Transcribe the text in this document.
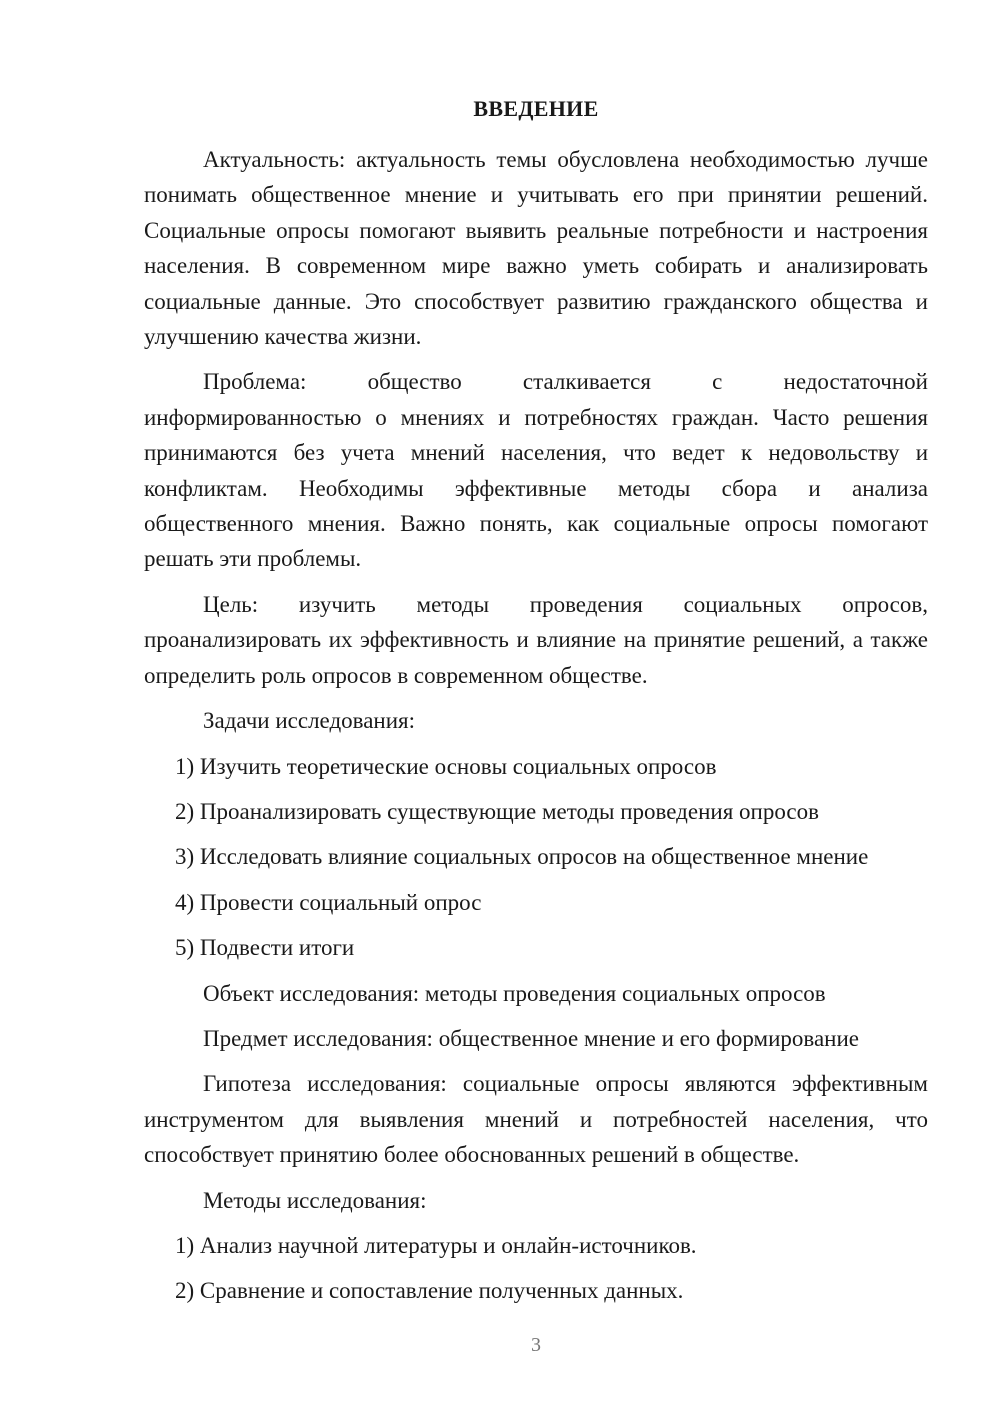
ВВЕДЕНИЕ

Актуальность: актуальность темы обусловлена необходимостью лучше понимать общественное мнение и учитывать его при принятии решений. Социальные опросы помогают выявить реальные потребности и настроения населения. В современном мире важно уметь собирать и анализировать социальные данные. Это способствует развитию гражданского общества и улучшению качества жизни.

Проблема: общество сталкивается с недостаточной информированностью о мнениях и потребностях граждан. Часто решения принимаются без учета мнений населения, что ведет к недовольству и конфликтам. Необходимы эффективные методы сбора и анализа общественного мнения. Важно понять, как социальные опросы помогают решать эти проблемы.

Цель: изучить методы проведения социальных опросов, проанализировать их эффективность и влияние на принятие решений, а также определить роль опросов в современном обществе.

Задачи исследования:

1) Изучить теоретические основы социальных опросов

2) Проанализировать существующие методы проведения опросов

3) Исследовать влияние социальных опросов на общественное мнение

4) Провести социальный опрос

5) Подвести итоги

Объект исследования: методы проведения социальных опросов

Предмет исследования: общественное мнение и его формирование

Гипотеза исследования: социальные опросы являются эффективным инструментом для выявления мнений и потребностей населения, что способствует принятию более обоснованных решений в обществе.

Методы исследования:

1) Анализ научной литературы и онлайн-источников.

2) Сравнение и сопоставление полученных данных.

3
